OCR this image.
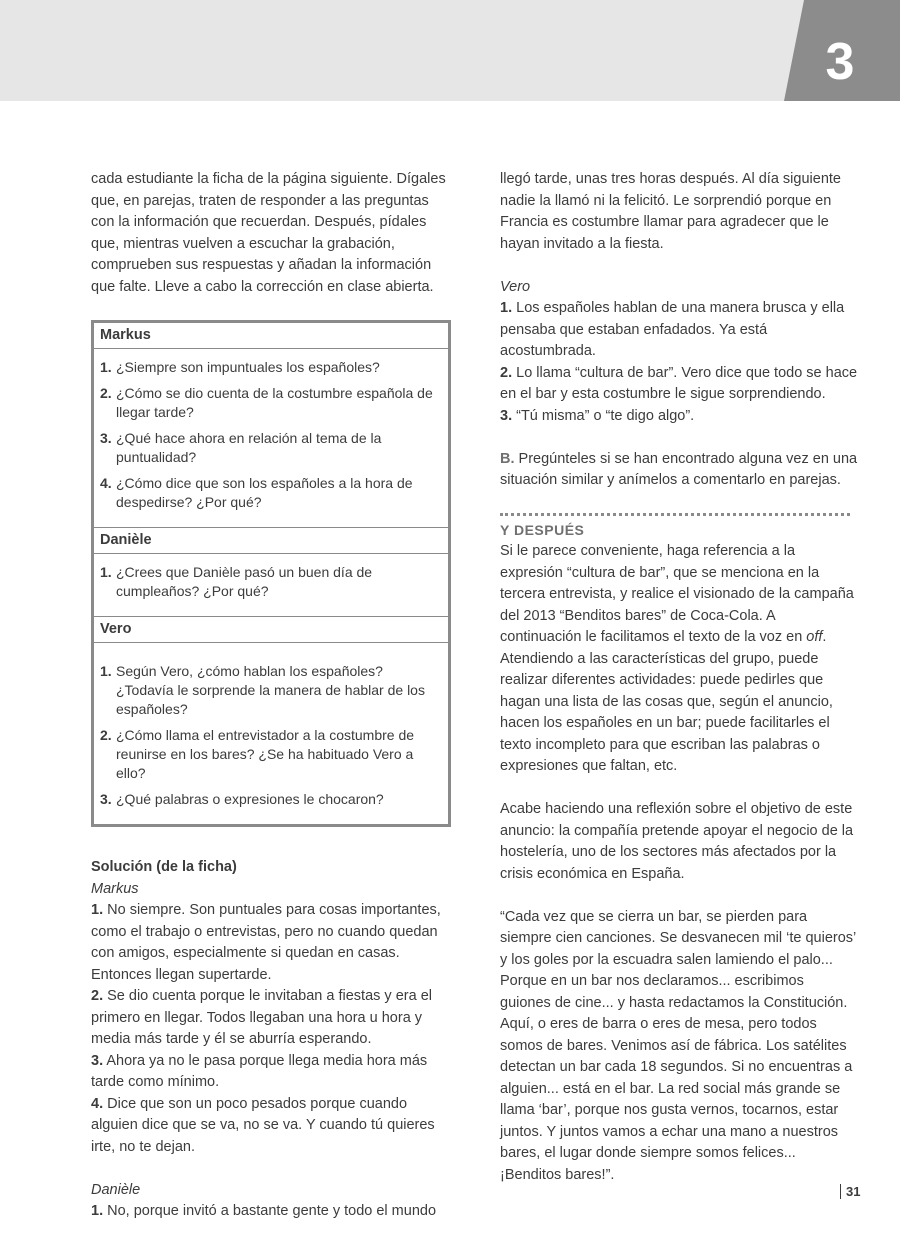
3

cada estudiante la ficha de la página siguiente. Dígales que, en parejas, traten de responder a las preguntas con la información que recuerdan. Después, pídales que, mientras vuelven a escuchar la grabación, comprueben sus respuestas y añadan la información que falte. Lleve a cabo la corrección en clase abierta.

Markus
1. ¿Siempre son impuntuales los españoles?
2. ¿Cómo se dio cuenta de la costumbre española de llegar tarde?
3. ¿Qué hace ahora en relación al tema de la puntualidad?
4. ¿Cómo dice que son los españoles a la hora de despedirse? ¿Por qué?
Danièle
1. ¿Crees que Danièle pasó un buen día de cumpleaños? ¿Por qué?
Vero
1. Según Vero, ¿cómo hablan los españoles? ¿Todavía le sorprende la manera de hablar de los españoles?
2. ¿Cómo llama el entrevistador a la costumbre de reunirse en los bares? ¿Se ha habituado Vero a ello?
3. ¿Qué palabras o expresiones le chocaron?

Solución (de la ficha)

Markus

1. No siempre. Son puntuales para cosas importantes, como el trabajo o entrevistas, pero no cuando quedan con amigos, especialmente si quedan en casas. Entonces llegan supertarde.

2. Se dio cuenta porque le invitaban a fiestas y era el primero en llegar. Todos llegaban una hora u hora y media más tarde y él se aburría esperando.

3. Ahora ya no le pasa porque llega media hora más tarde como mínimo.

4. Dice que son un poco pesados porque cuando alguien dice que se va, no se va. Y cuando tú quieres irte, no te dejan.

Danièle

1. No, porque invitó a bastante gente y todo el mundo

llegó tarde, unas tres horas después. Al día siguiente nadie la llamó ni la felicitó. Le sorprendió porque en Francia es costumbre llamar para agradecer que le hayan invitado a la fiesta.

Vero

1. Los españoles hablan de una manera brusca y ella pensaba que estaban enfadados. Ya está acostumbrada.

2. Lo llama “cultura de bar”. Vero dice que todo se hace en el bar y esta costumbre le sigue sorprendiendo.

3. “Tú misma” o “te digo algo”.

B. Pregúnteles si se han encontrado alguna vez en una situación similar y anímelos a comentarlo en parejas.

Y DESPUÉS

Si le parece conveniente, haga referencia a la expresión “cultura de bar”, que se menciona en la tercera entrevista, y realice el visionado de la campaña del 2013 “Benditos bares” de Coca-Cola. A continuación le facilitamos el texto de la voz en off. Atendiendo a las características del grupo, puede realizar diferentes actividades: puede pedirles que hagan una lista de las cosas que, según el anuncio, hacen los españoles en un bar; puede facilitarles el texto incompleto para que escriban las palabras o expresiones que faltan, etc.

Acabe haciendo una reflexión sobre el objetivo de este anuncio: la compañía pretende apoyar el negocio de la hostelería, uno de los sectores más afectados por la crisis económica en España.

“Cada vez que se cierra un bar, se pierden para siempre cien canciones. Se desvanecen mil ‘te quieros’ y los goles por la escuadra salen lamiendo el palo... Porque en un bar nos declaramos... escribimos guiones de cine... y hasta redactamos la Constitución. Aquí, o eres de barra o eres de mesa, pero todos somos de bares. Venimos así de fábrica. Los satélites detectan un bar cada 18 segundos. Si no encuentras a alguien... está en el bar. La red social más grande se llama ‘bar’, porque nos gusta vernos, tocarnos, estar juntos. Y juntos vamos a echar una mano a nuestros bares, el lugar donde siempre somos felices... ¡Benditos bares!”.

31
